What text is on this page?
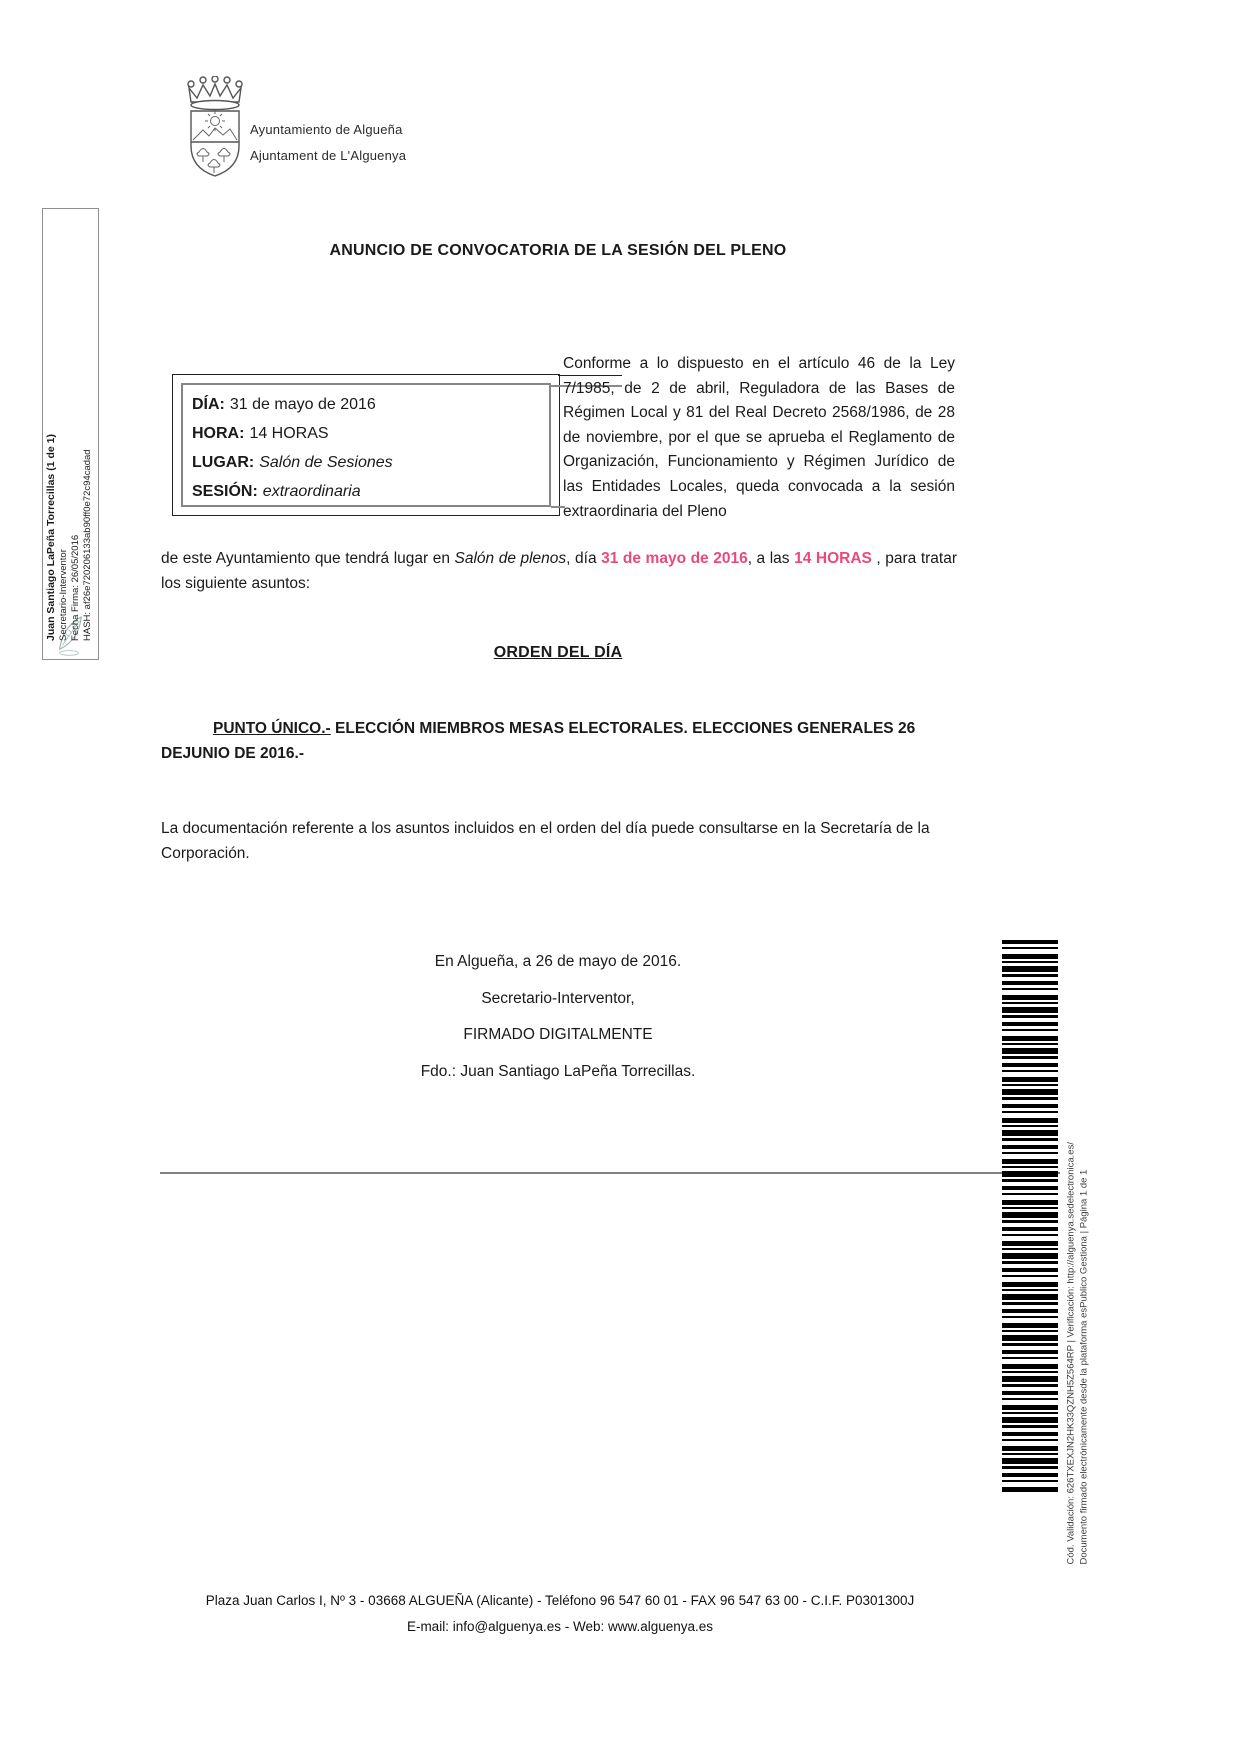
Ayuntamiento de Algueña
Ajuntament de L'Alguenya
ANUNCIO DE CONVOCATORIA DE LA SESIÓN DEL PLENO
Juan Santiago LaPeña Torrecillas (1 de 1) Secretario-Interventor Fecha Firma: 26/05/2016 HASH: af26e720206133ab90ff0e72c94cadad
DÍA: 31 de mayo de 2016
HORA: 14 HORAS
LUGAR: Salón de Sesiones
SESIÓN: extraordinaria
Conforme a lo dispuesto en el artículo 46 de la Ley 7/1985, de 2 de abril, Reguladora de las Bases de Régimen Local y 81 del Real Decreto 2568/1986, de 28 de noviembre, por el que se aprueba el Reglamento de Organización, Funcionamiento y Régimen Jurídico de las Entidades Locales, queda convocada a la sesión extraordinaria del Pleno
de este Ayuntamiento que tendrá lugar en Salón de plenos, día 31 de mayo de 2016, a las 14 HORAS , para tratar los siguiente asuntos:
ORDEN DEL DÍA
PUNTO ÚNICO.- ELECCIÓN MIEMBROS MESAS ELECTORALES. ELECCIONES GENERALES 26 DEJUNIO DE 2016.-
La documentación referente a los asuntos incluidos en el orden del día puede consultarse en la Secretaría de la Corporación.
En Algueña, a 26 de mayo de 2016.
Secretario-Interventor,
FIRMADO DIGITALMENTE
Fdo.: Juan Santiago LaPeña Torrecillas.
Cód. Validación: 626TXEXJN2HK33QZNH5Z564RP | Verificación: http://alguenya.sedelectronica.es/ Documento firmado electrónicamente desde la plataforma esPublico Gestiona | Página 1 de 1
Plaza Juan Carlos I, Nº 3 - 03668 ALGUEÑA (Alicante) - Teléfono 96 547 60 01 - FAX 96 547 63 00 - C.I.F. P0301300J
E-mail: info@alguenya.es - Web: www.alguenya.es
